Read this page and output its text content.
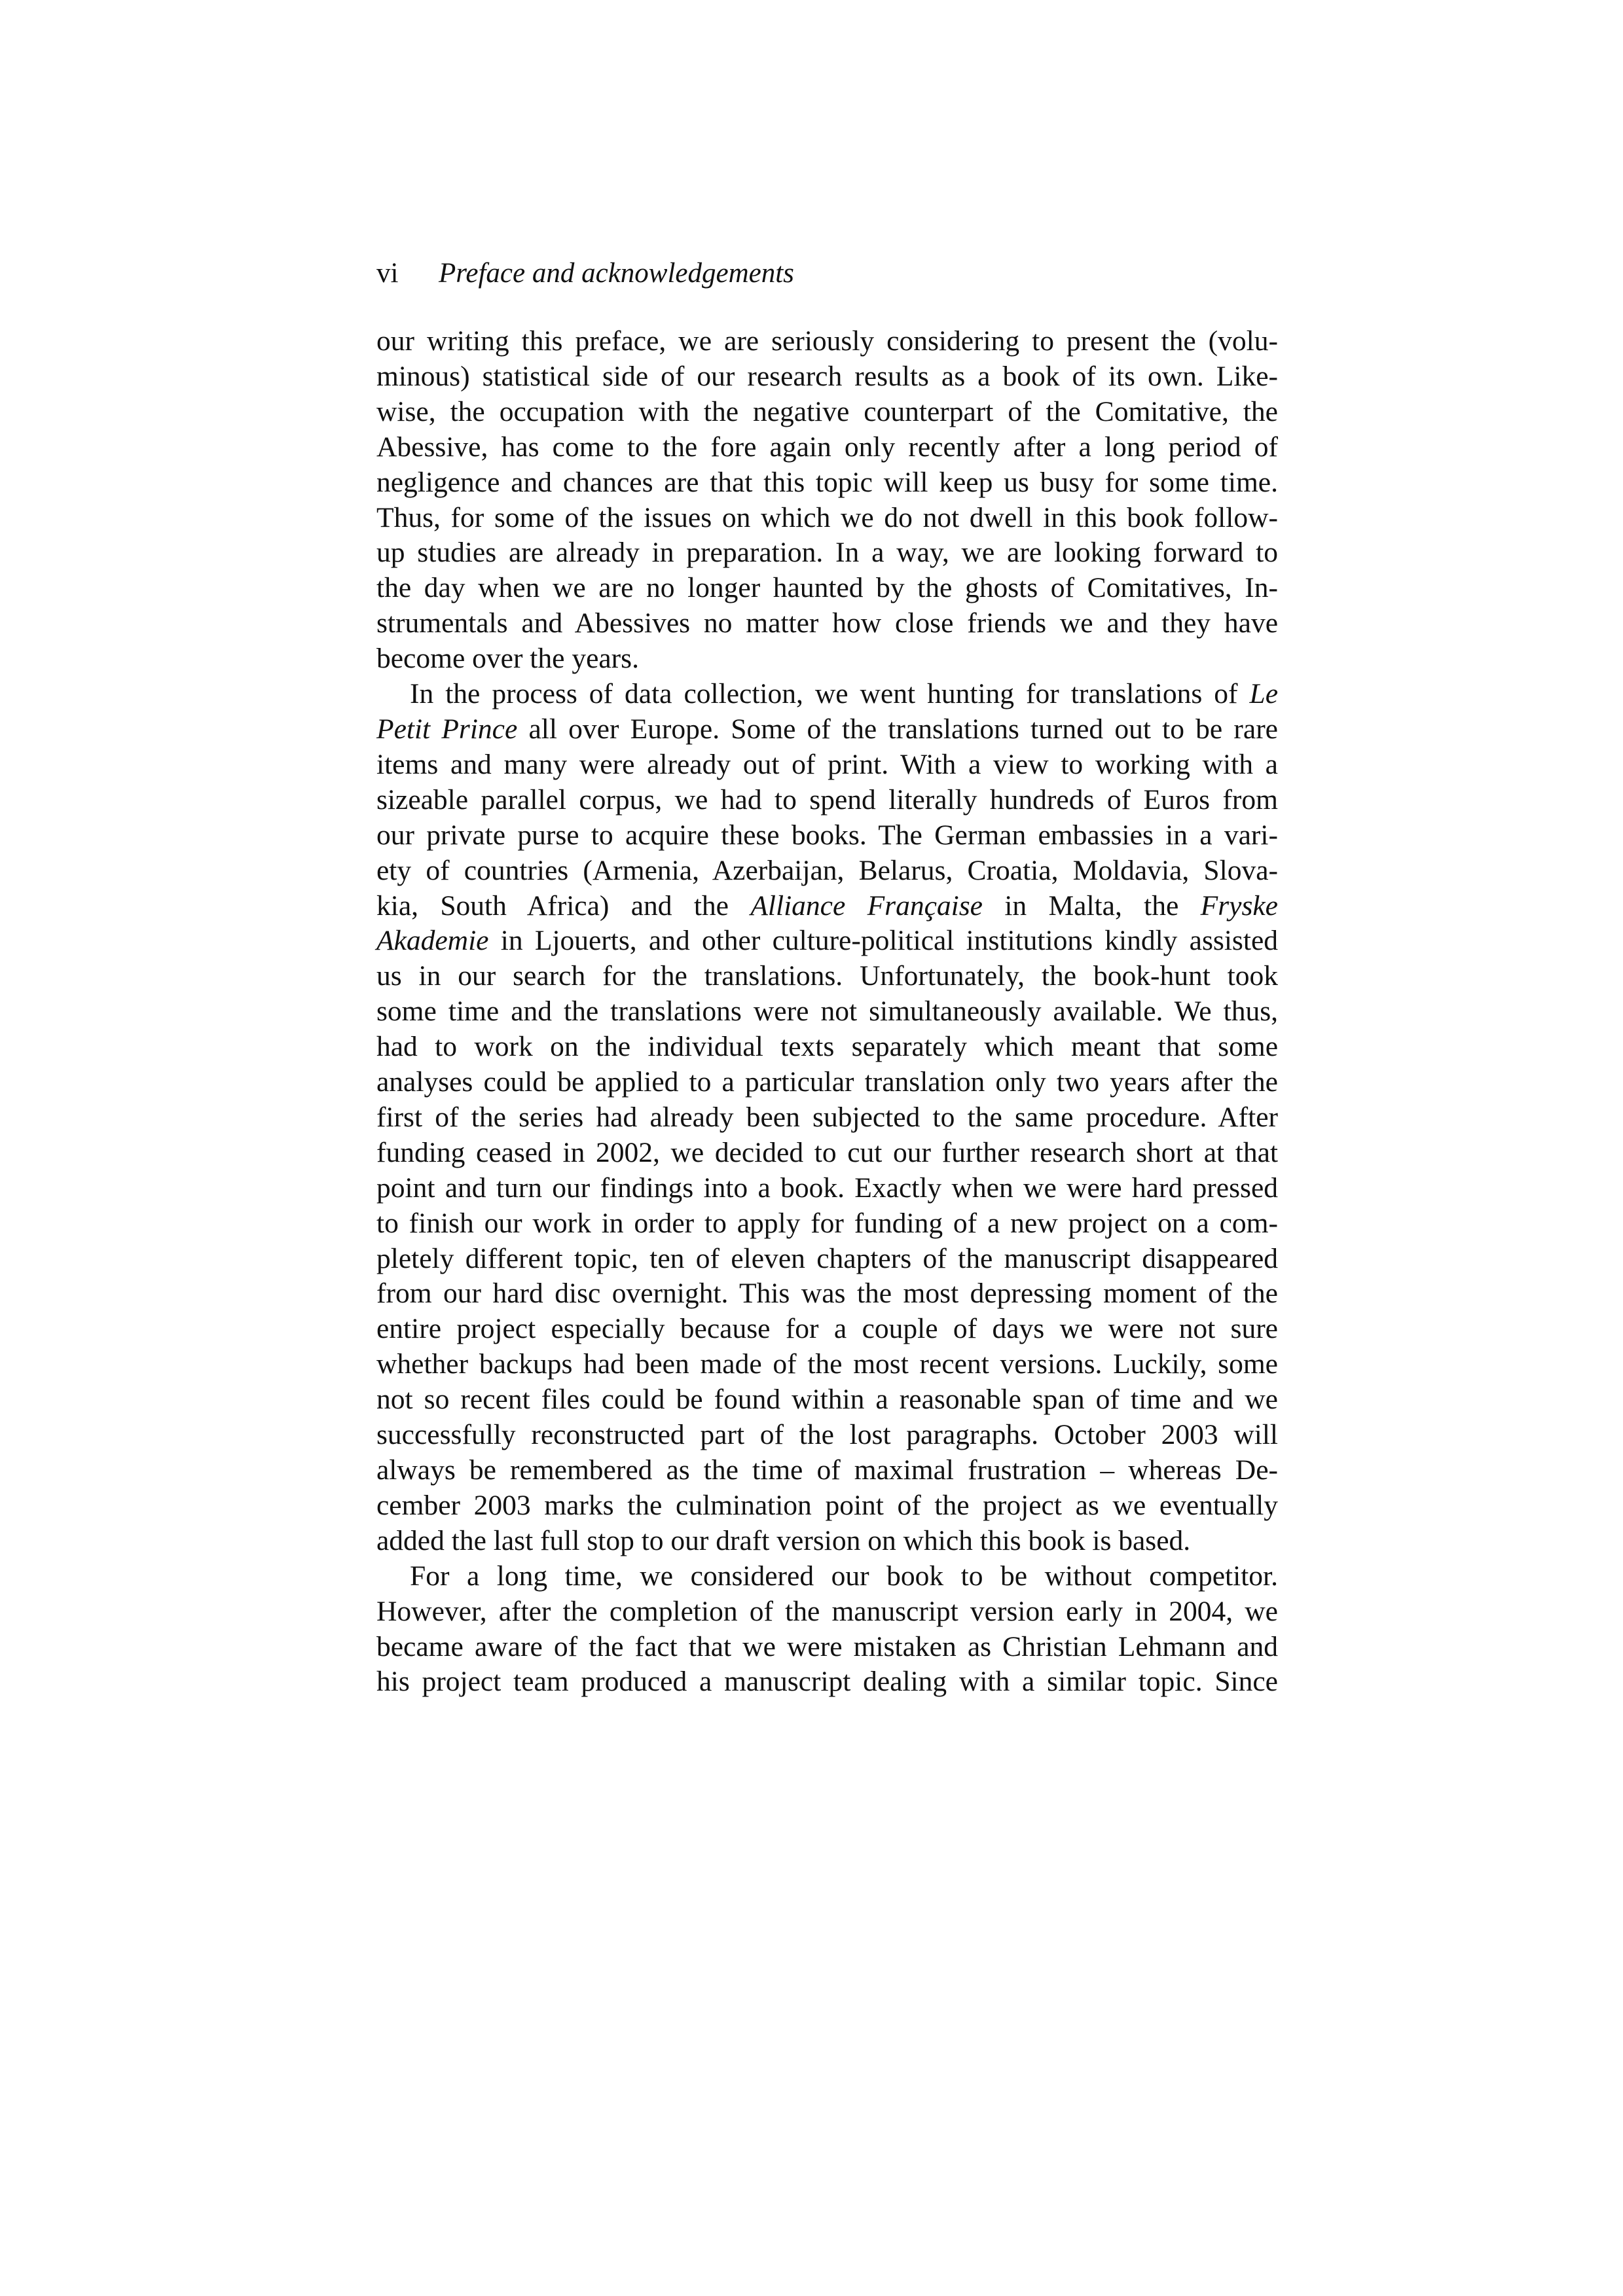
vi Preface and acknowledgements
our writing this preface, we are seriously considering to present the (volu-
minous) statistical side of our research results as a book of its own. Like-
wise, the occupation with the negative counterpart of the Comitative, the
Abessive, has come to the fore again only recently after a long period of
negligence and chances are that this topic will keep us busy for some time.
Thus, for some of the issues on which we do not dwell in this book follow-
up studies are already in preparation. In a way, we are looking forward to
the day when we are no longer haunted by the ghosts of Comitatives, In-
strumentals and Abessives no matter how close friends we and they have
become over the years.
In the process of data collection, we went hunting for translations of Le
Petit Prince all over Europe. Some of the translations turned out to be rare
items and many were already out of print. With a view to working with a
sizeable parallel corpus, we had to spend literally hundreds of Euros from
our private purse to acquire these books. The German embassies in a vari-
ety of countries (Armenia, Azerbaijan, Belarus, Croatia, Moldavia, Slova-
kia, South Africa) and the Alliance Française in Malta, the Fryske
Akademie in Ljouerts, and other culture-political institutions kindly assisted
us in our search for the translations. Unfortunately, the book-hunt took
some time and the translations were not simultaneously available. We thus,
had to work on the individual texts separately which meant that some
analyses could be applied to a particular translation only two years after the
first of the series had already been subjected to the same procedure. After
funding ceased in 2002, we decided to cut our further research short at that
point and turn our findings into a book. Exactly when we were hard pressed
to finish our work in order to apply for funding of a new project on a com-
pletely different topic, ten of eleven chapters of the manuscript disappeared
from our hard disc overnight. This was the most depressing moment of the
entire project especially because for a couple of days we were not sure
whether backups had been made of the most recent versions. Luckily, some
not so recent files could be found within a reasonable span of time and we
successfully reconstructed part of the lost paragraphs. October 2003 will
always be remembered as the time of maximal frustration – whereas De-
cember 2003 marks the culmination point of the project as we eventually
added the last full stop to our draft version on which this book is based.
For a long time, we considered our book to be without competitor.
However, after the completion of the manuscript version early in 2004, we
became aware of the fact that we were mistaken as Christian Lehmann and
his project team produced a manuscript dealing with a similar topic. Since
